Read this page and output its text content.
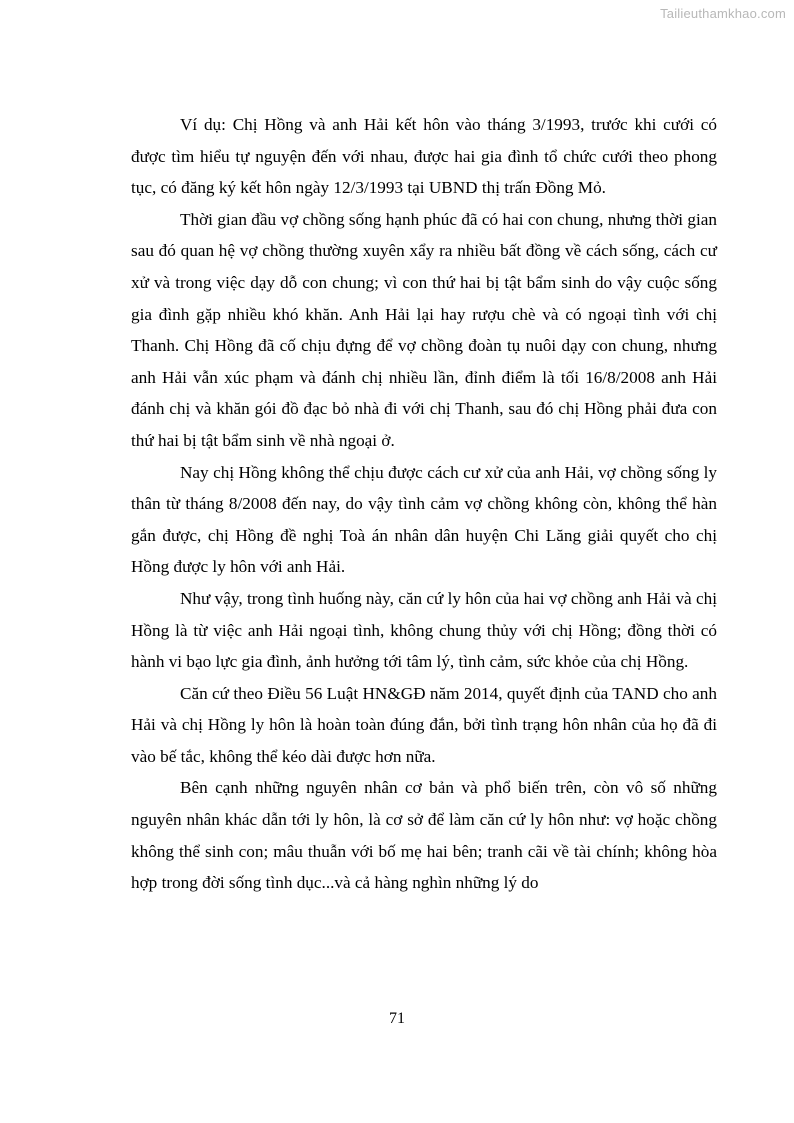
Tailieuthamkhao.com

Ví dụ: Chị Hồng và anh Hải kết hôn vào tháng 3/1993, trước khi cưới có được tìm hiểu tự nguyện đến với nhau, được hai gia đình tổ chức cưới theo phong tục, có đăng ký kết hôn ngày 12/3/1993 tại UBND thị trấn Đồng Mỏ.

Thời gian đầu vợ chồng sống hạnh phúc đã có hai con chung, nhưng thời gian sau đó quan hệ vợ chồng thường xuyên xẩy ra nhiều bất đồng về cách sống, cách cư xử và trong việc dạy dỗ con chung; vì con thứ hai bị tật bẩm sinh do vậy cuộc sống gia đình gặp nhiều khó khăn. Anh Hải lại hay rượu chè và có ngoại tình với chị Thanh. Chị Hồng đã cố chịu đựng để vợ chồng đoàn tụ nuôi dạy con chung, nhưng anh Hải vẫn xúc phạm và đánh chị nhiều lần, đỉnh điểm là tối 16/8/2008 anh Hải đánh chị và khăn gói đồ đạc bỏ nhà đi với chị Thanh, sau đó chị Hồng phải đưa con thứ hai bị tật bẩm sinh về nhà ngoại ở.

Nay chị Hồng không thể chịu được cách cư xử của anh Hải, vợ chồng sống ly thân từ tháng 8/2008 đến nay, do vậy tình cảm vợ chồng không còn, không thể hàn gắn được, chị Hồng đề nghị Toà án nhân dân huyện Chi Lăng giải quyết cho chị Hồng được ly hôn với anh Hải.

Như vậy, trong tình huống này, căn cứ ly hôn của hai vợ chồng anh Hải và chị Hồng là từ việc anh Hải ngoại tình, không chung thủy với chị Hồng; đồng thời có hành vi bạo lực gia đình, ảnh hưởng tới tâm lý, tình cảm, sức khỏe của chị Hồng.

Căn cứ theo Điều 56 Luật HN&GĐ năm 2014, quyết định của TAND cho anh Hải và chị Hồng ly hôn là hoàn toàn đúng đắn, bởi tình trạng hôn nhân của họ đã đi vào bế tắc, không thể kéo dài được hơn nữa.

Bên cạnh những nguyên nhân cơ bản và phổ biến trên, còn vô số những nguyên nhân khác dẫn tới ly hôn, là cơ sở để làm căn cứ ly hôn như: vợ hoặc chồng không thể sinh con; mâu thuẫn với bố mẹ hai bên; tranh cãi về tài chính; không hòa hợp trong đời sống tình dục...và cả hàng nghìn những lý do

71
